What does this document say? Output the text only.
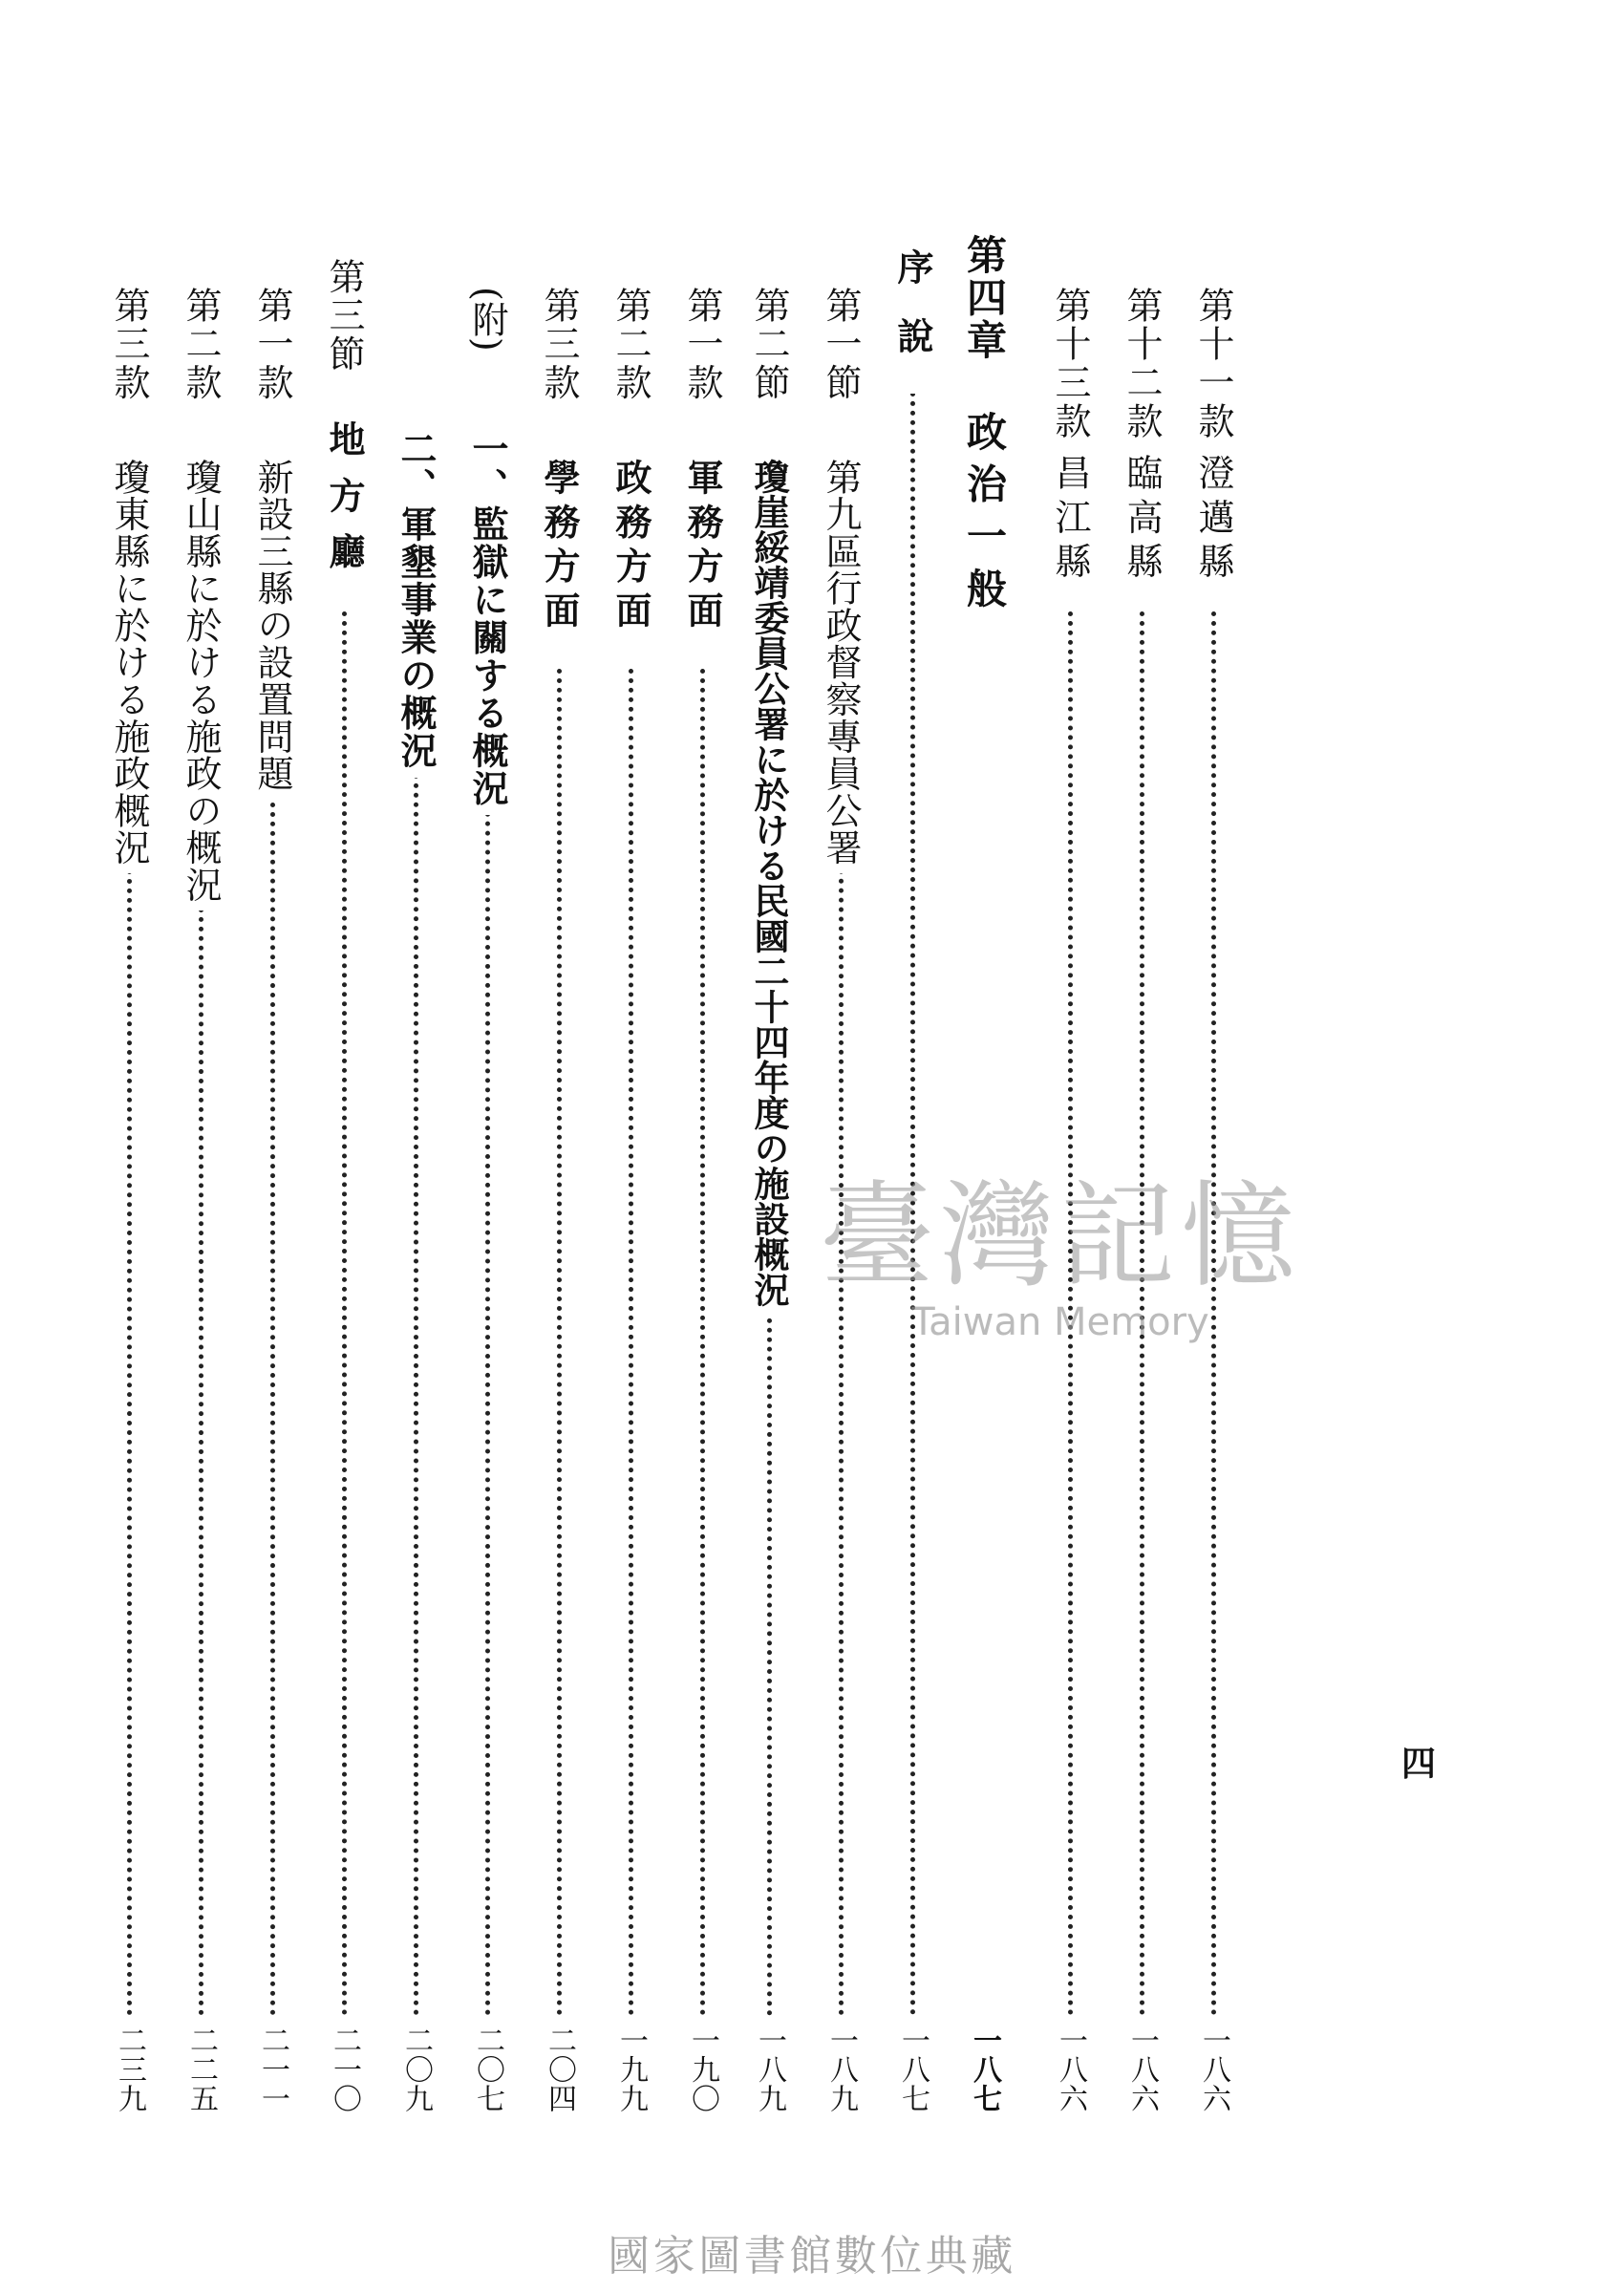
第十一款
澄邁縣
一八六
第十二款
臨高縣
一八六
第十三款
昌江縣
一八六
第四章
政治一般
一八七
序說
一八七
第一節
第九區行政督察專員公署
一八九
第二節
瓊崖綏靖委員公署に於ける民國二十四年度の施設概況
一八九
第一款
軍務方面
一九〇
第二款
政務方面
一九九
第三款
學務方面
二〇四
(附)
一、監獄に關する概況
二〇七
二、軍墾事業の概況
二〇九
第三節
地方廳
二一〇
第一款
新設三縣の設置問題
二一一
第二款
瓊山縣に於ける施政の概況
二二五
第三款
瓊東縣に於ける施政概況
二三九
四
臺灣記憶
Taiwan Memory
國家圖書館數位典藏
